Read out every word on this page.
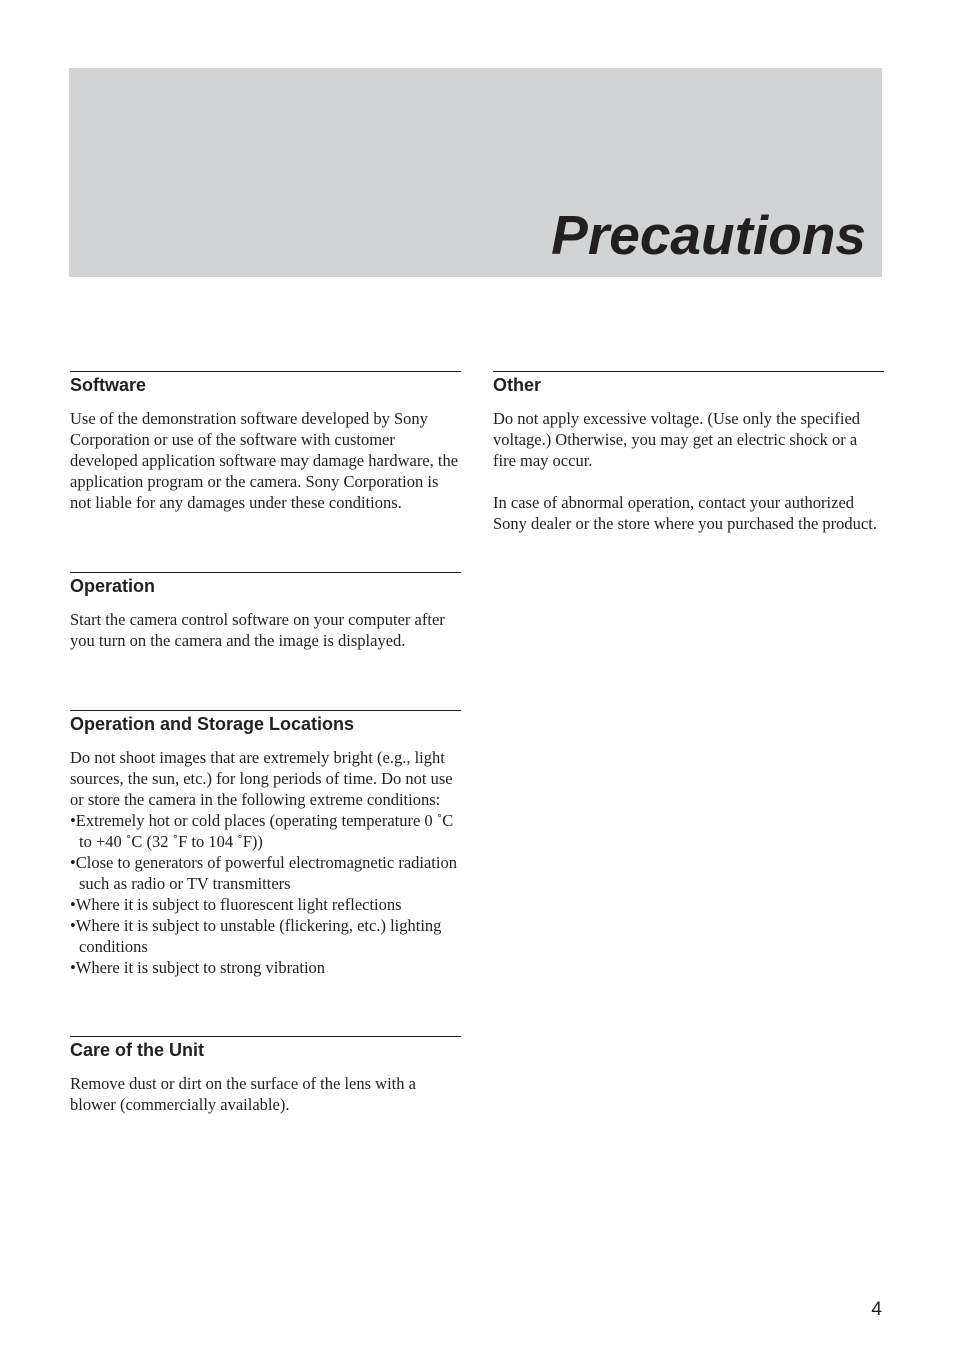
Precautions
Software

Use of the demonstration software developed by Sony Corporation or use of the software with customer developed application software may damage hardware, the application program or the camera. Sony Corporation is not liable for any damages under these conditions.

Operation

Start the camera control software on your computer after you turn on the camera and the image is displayed.

Operation and Storage Locations

Do not shoot images that are extremely bright (e.g., light sources, the sun, etc.) for long periods of time. Do not use or store the camera in the following extreme conditions:

• Extremely hot or cold places (operating temperature 0 ˚C to +40 ˚C (32 ˚F to 104 ˚F))
• Close to generators of powerful electromagnetic radiation such as radio or TV transmitters
• Where it is subject to fluorescent light reflections
• Where it is subject to unstable (flickering, etc.) lighting conditions
• Where it is subject to strong vibration
Care of the Unit

Remove dust or dirt on the surface of the lens with a blower (commercially available).

Other

Do not apply excessive voltage. (Use only the specified voltage.) Otherwise, you may get an electric shock or a fire may occur.

In case of abnormal operation, contact your authorized Sony dealer or the store where you purchased the product.

4
